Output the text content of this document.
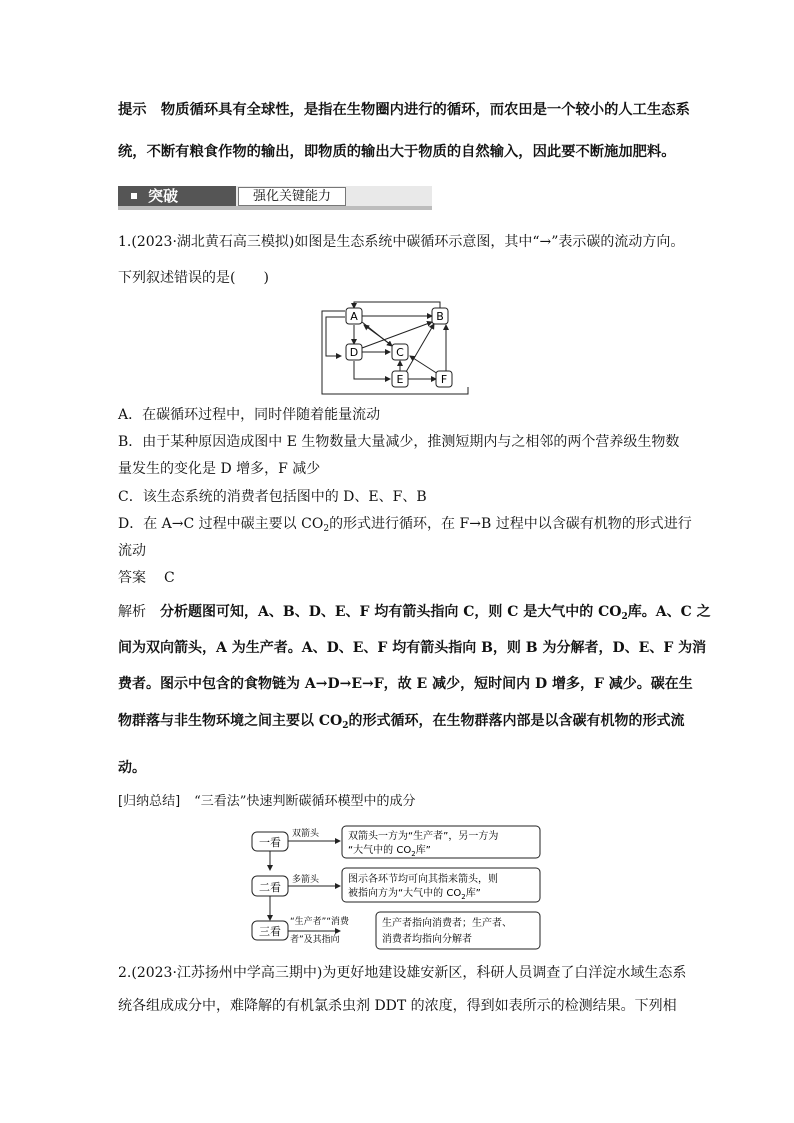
提示　物质循环具有全球性，是指在生物圈内进行的循环，而农田是一个较小的人工生态系
统，不断有粮食作物的输出，即物质的输出大于物质的自然输入，因此要不断施加肥料。
突破	强化关键能力
1.(2023·湖北黄石高三模拟)如图是生态系统中碳循环示意图，其中“→”表示碳的流动方向。
下列叙述错误的是(　　)
A	B
C
D
E	F
A．在碳循环过程中，同时伴随着能量流动
B．由于某种原因造成图中 E 生物数量大量减少，推测短期内与之相邻的两个营养级生物数
量发生的变化是 D 增多，F 减少
C．该生态系统的消费者包括图中的 D、E、F、B
D．在 A→C 过程中碳主要以 $CO_2$的形式进行循环，在 F→B 过程中以含碳有机物的形式进行
流动
答案 C
解析 分析题图可知，A、B、D、E、F 均有箭头指向 C，则 C 是大气中的 $CO_2$库。A、C 之
间为双向箭头，A 为生产者。A、D、E、F 均有箭头指向 B，则 B 为分解者，D、E、F 为消
费者。图示中包含的食物链为 A→D→E→F，故 E 减少，短时间内 D 增多，F 减少。碳在生
物群落与非生物环境之间主要以 $CO_2$的形式循环，在生物群落内部是以含碳有机物的形式流
动。
[归纳总结] “三看法”快速判断碳循环模型中的成分
一看
二看
三看
双箭头
多箭头
“生产者”“消费
者”及其指向
双箭头一方为“生产者”，另一方为
“大气中的 $CO_2$库”
图示各环节均可向其指来箭头，则
被指向方为“大气中的 $CO_2$库”
生产者指向消费者；生产者、
消费者均指向分解者
2.(2023·江苏扬州中学高三期中)为更好地建设雄安新区，科研人员调查了白洋淀水域生态系
统各组成成分中，难降解的有机氯杀虫剂 DDT 的浓度，得到如表所示的检测结果。下列相
